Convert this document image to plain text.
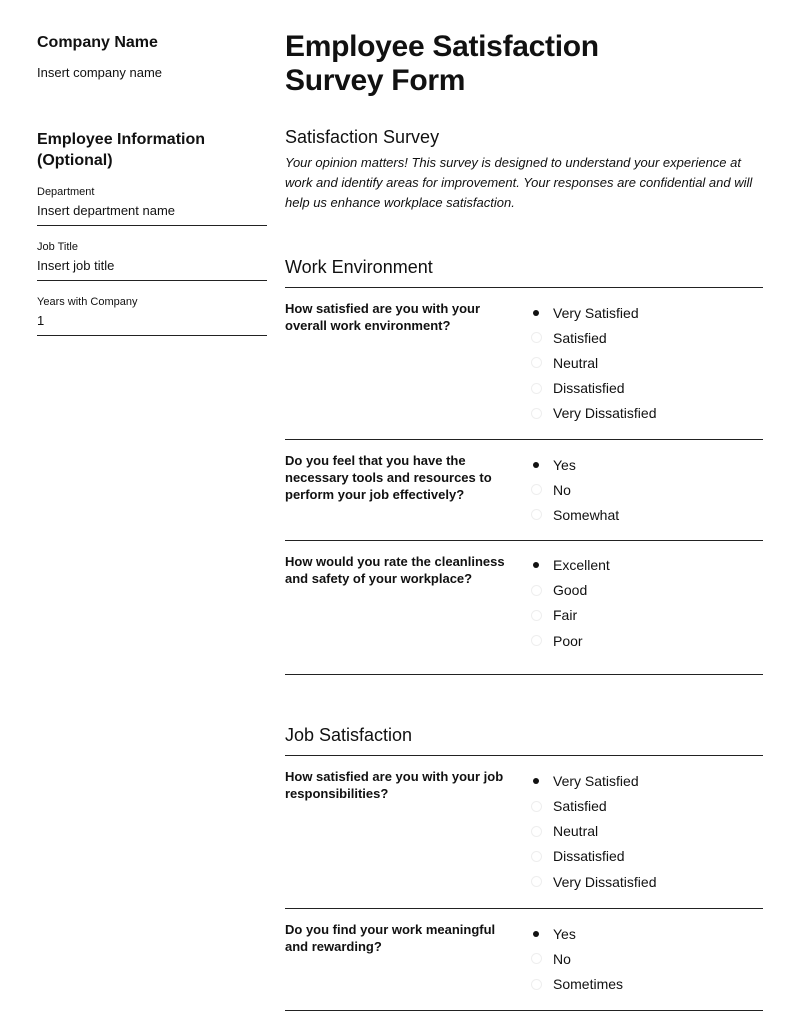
Company Name
Insert company name
Employee Information
(Optional)
Department
Insert department name
Job Title
Insert job title
Years with Company
1
Employee Satisfaction
Survey Form
Satisfaction Survey
Your opinion matters! This survey is designed to understand your experience at work and identify areas for improvement. Your responses are confidential and will help us enhance workplace satisfaction.
Work Environment
How satisfied are you with your overall work environment?
Very Satisfied
Satisfied
Neutral
Dissatisfied
Very Dissatisfied
Do you feel that you have the necessary tools and resources to perform your job effectively?
Yes
No
Somewhat
How would you rate the cleanliness and safety of your workplace?
Excellent
Good
Fair
Poor
Job Satisfaction
How satisfied are you with your job responsibilities?
Very Satisfied
Satisfied
Neutral
Dissatisfied
Very Dissatisfied
Do you find your work meaningful and rewarding?
Yes
No
Sometimes
